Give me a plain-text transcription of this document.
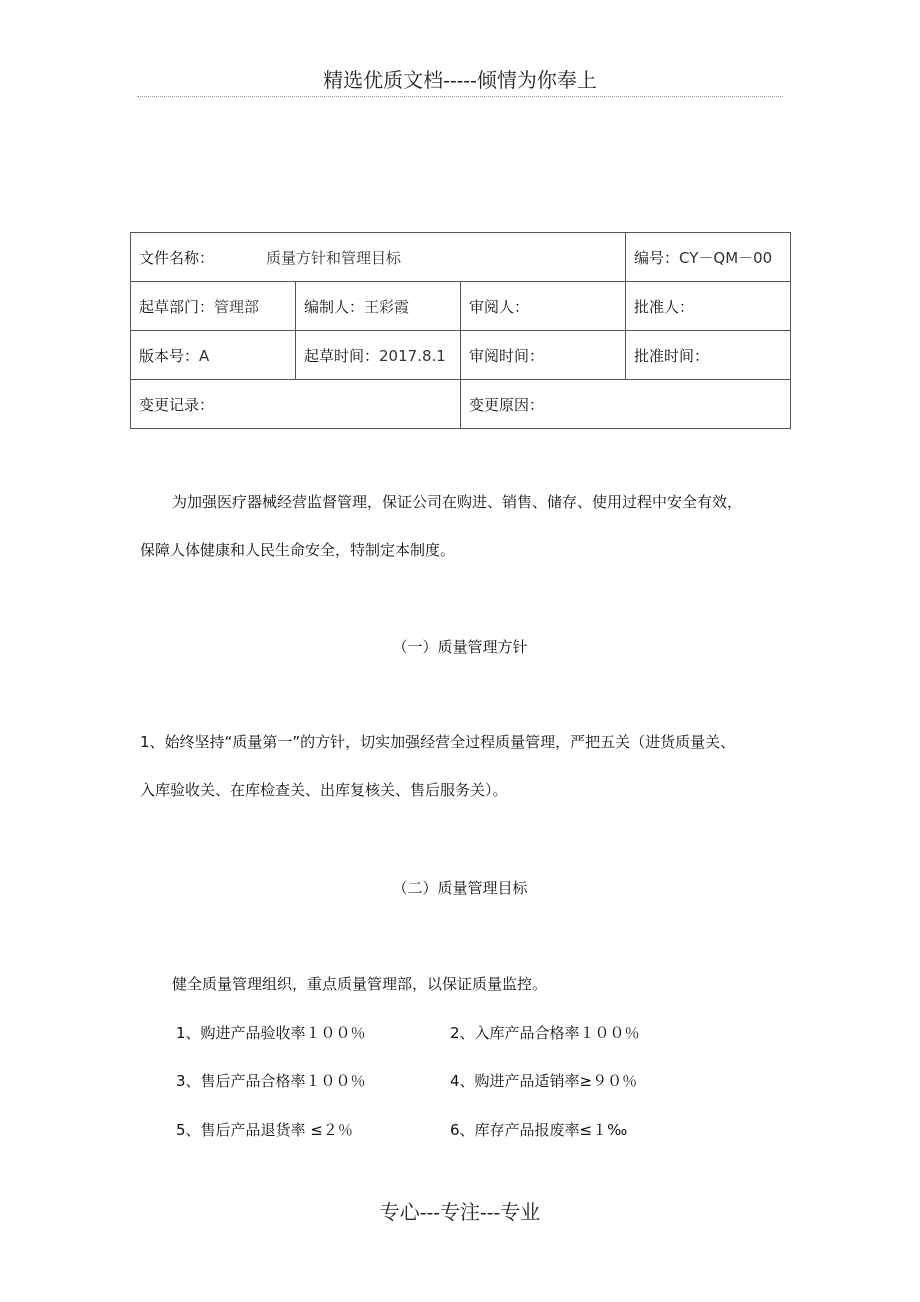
精选优质文档-----倾情为你奉上
文件名称： 质量方针和管理目标			编号：CY－QM－00
起草部门：管理部	编制人：王彩霞	审阅人：	批准人：
版本号：A	起草时间：2017.8.1	审阅时间：	批准时间：
变更记录：		变更原因：	
为加强医疗器械经营监督管理，保证公司在购进、销售、储存、使用过程中安全有效，
保障人体健康和人民生命安全，特制定本制度。
（一）质量管理方针
1、始终坚持“质量第一”的方针，切实加强经营全过程质量管理，严把五关（进货质量关、
入库验收关、在库检查关、出库复核关、售后服务关）。
（二）质量管理目标
健全质量管理组织，重点质量管理部，以保证质量监控。
1、购进产品验收率１００％	2、入库产品合格率１００％
3、售后产品合格率１００％	4、购进产品适销率≥９０％
5、售后产品退货率 ≤２％	6、库存产品报废率≤１‰
专心---专注---专业
